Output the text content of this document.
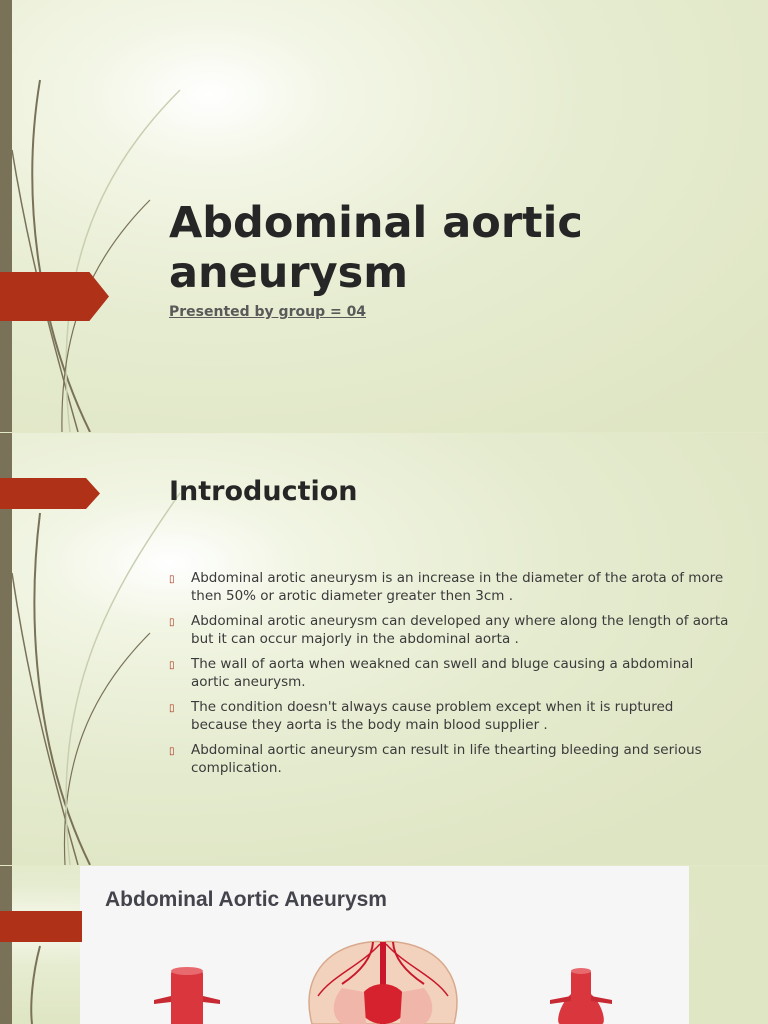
Abdominal aortic aneurysm
Presented by group = 04
Introduction
▯ Abdominal arotic aneurysm is an increase in the diameter of the arota of more then 50% or arotic diameter greater then 3cm .
▯ Abdominal arotic aneurysm can developed any where along the length of aorta but it can occur majorly in the abdominal aorta .
▯ The wall of aorta when weakned can swell and bluge causing a abdominal aortic aneurysm.
▯ The condition doesn't always cause problem except when it is ruptured because they aorta is the body main blood supplier .
▯ Abdominal aortic aneurysm can result in life thearting bleeding and serious complication.
Abdominal Aortic Aneurysm
